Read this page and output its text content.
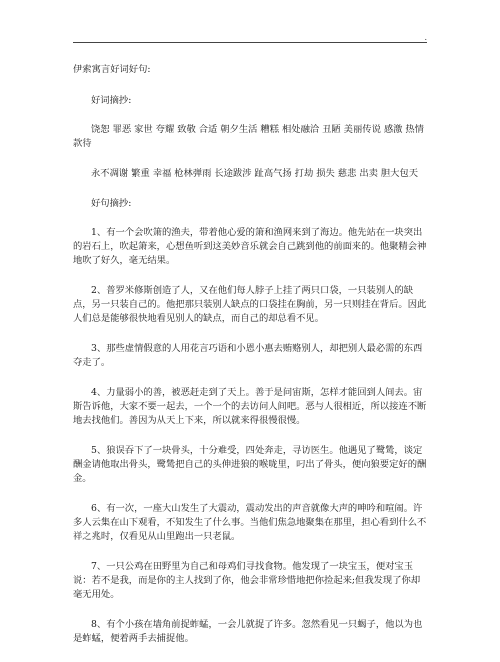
.

伊索寓言好词好句:

好词摘抄:

饶恕 罪恶 家世 夸耀 致敬 合适 朝夕生活 糟糕 相处融洽 丑陋 美丽传说 感激 热情款待

永不凋谢 繁重 幸福 枪林弹雨 长途跋涉 趾高气扬 打劫 损失 慈悲 出卖 胆大包天

好句摘抄:

1、有一个会吹箫的渔夫，带着他心爱的箫和渔网来到了海边。他先站在一块突出的岩石上，吹起箫来，心想鱼听到这美妙音乐就会自己跳到他的前面来的。他聚精会神地吹了好久，毫无结果。

2、普罗米修斯创造了人，又在他们每人脖子上挂了两只口袋，一只装别人的缺点，另一只装自己的。他把那只装别人缺点的口袋挂在胸前，另一只则挂在背后。因此人们总是能够很快地看见别人的缺点，而自己的却总看不见。

3、那些虚情假意的人用花言巧语和小恩小惠去贿赂别人，却把别人最必需的东西夺走了。

4、力量弱小的善，被恶赶走到了天上。善于是问宙斯，怎样才能回到人间去。宙斯告诉他，大家不要一起去，一个一个的去访问人间吧。恶与人很相近，所以接连不断地去找他们。善因为从天上下来，所以就来得很慢很慢。

5、狼误吞下了一块骨头，十分难受，四处奔走，寻访医生。他遇见了鹭鸶，谈定酬金请他取出骨头，鹭鸶把自己的头伸进狼的喉咙里，叼出了骨头，便向狼要定好的酬金。

6、有一次，一座大山发生了大震动，震动发出的声音就像大声的呻吟和喧闹。许多人云集在山下观看，不知发生了什么事。当他们焦急地聚集在那里，担心看到什么不祥之兆时，仅看见从山里跑出一只老鼠。

7、一只公鸡在田野里为自己和母鸡们寻找食物。他发现了一块宝玉，便对宝玉说：若不是我，而是你的主人找到了你，他会非常珍惜地把你捡起来;但我发现了你却毫无用处。

8、有个小孩在墙角前捉蚱蜢，一会儿就捉了许多。忽然看见一只蝎子，他以为也是蚱蜢，便着两手去捕捉他。
